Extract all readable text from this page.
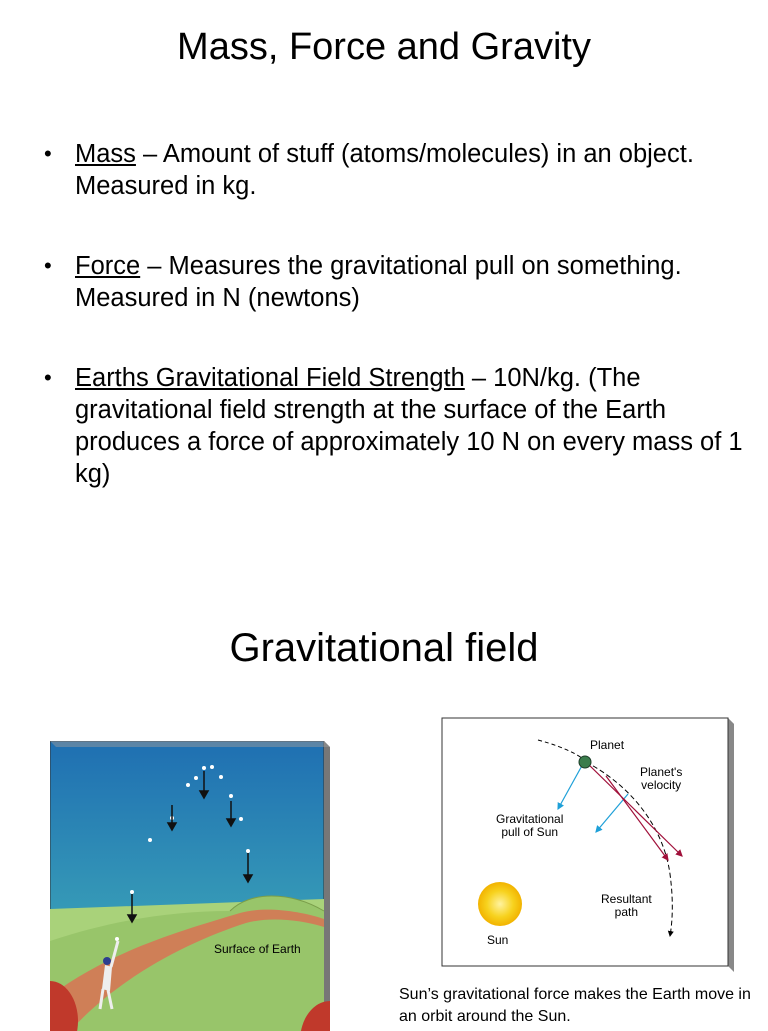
Mass, Force and Gravity
• Mass – Amount of stuff (atoms/molecules) in an object. Measured in kg.
• Force – Measures the gravitational pull on something. Measured in N (newtons)
• Earths Gravitational Field Strength – 10N/kg. (The gravitational field strength at the surface of the Earth produces a force of approximately 10 N on every mass of 1 kg)
Gravitational field
Surface of Earth
Planet
Planet's
velocity
Gravitational
pull of Sun
Resultant
path
Sun
Sun’s gravitational force makes the Earth move in an orbit around the Sun.
